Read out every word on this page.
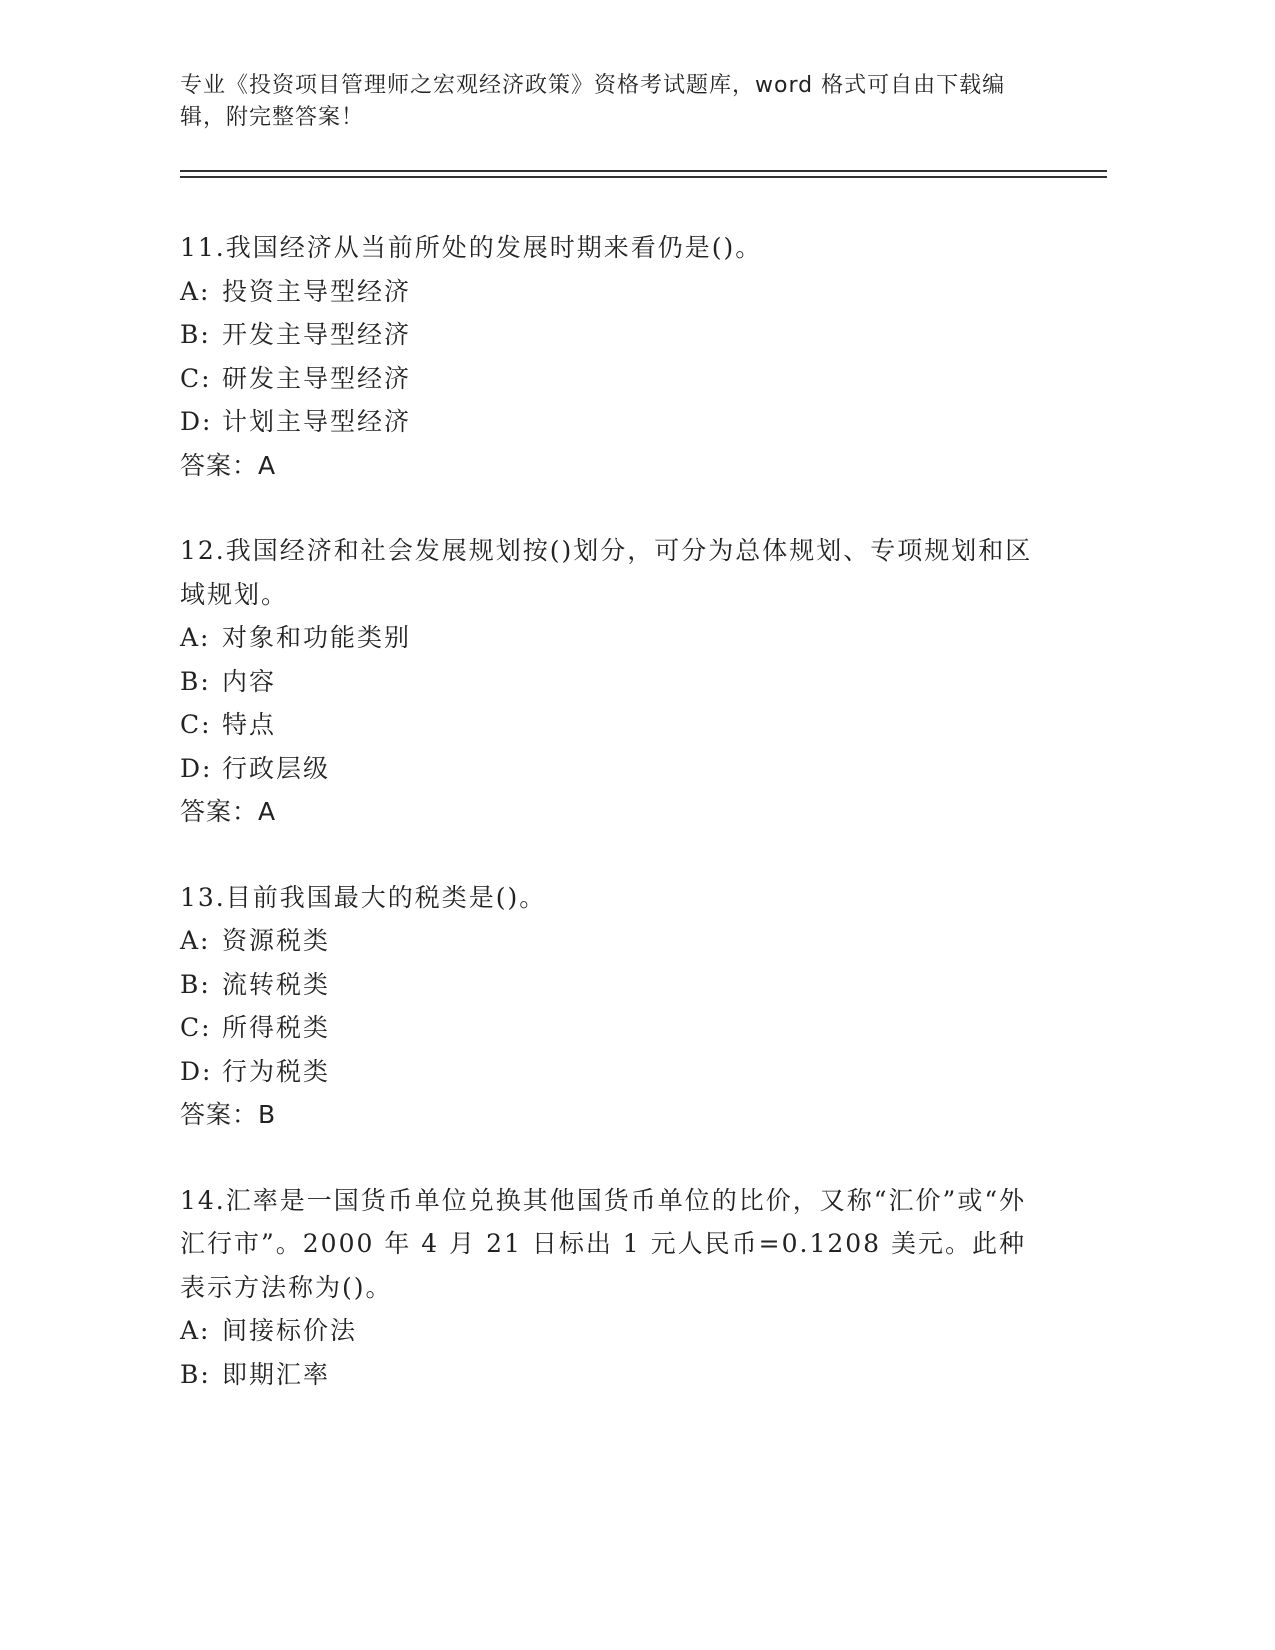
专业《投资项目管理师之宏观经济政策》资格考试题库，word 格式可自由下载编
辑，附完整答案！
11.我国经济从当前所处的发展时期来看仍是()。
A: 投资主导型经济
B: 开发主导型经济
C: 研发主导型经济
D: 计划主导型经济
答案：A
12.我国经济和社会发展规划按()划分，可分为总体规划、专项规划和区域规划。
A: 对象和功能类别
B: 内容
C: 特点
D: 行政层级
答案：A
13.目前我国最大的税类是()。
A: 资源税类
B: 流转税类
C: 所得税类
D: 行为税类
答案：B
14.汇率是一国货币单位兑换其他国货币单位的比价，又称“汇价”或“外汇行市”。2000 年 4 月 21 日标出 1 元人民币=0.1208 美元。此种表示方法称为()。
A: 间接标价法
B: 即期汇率
